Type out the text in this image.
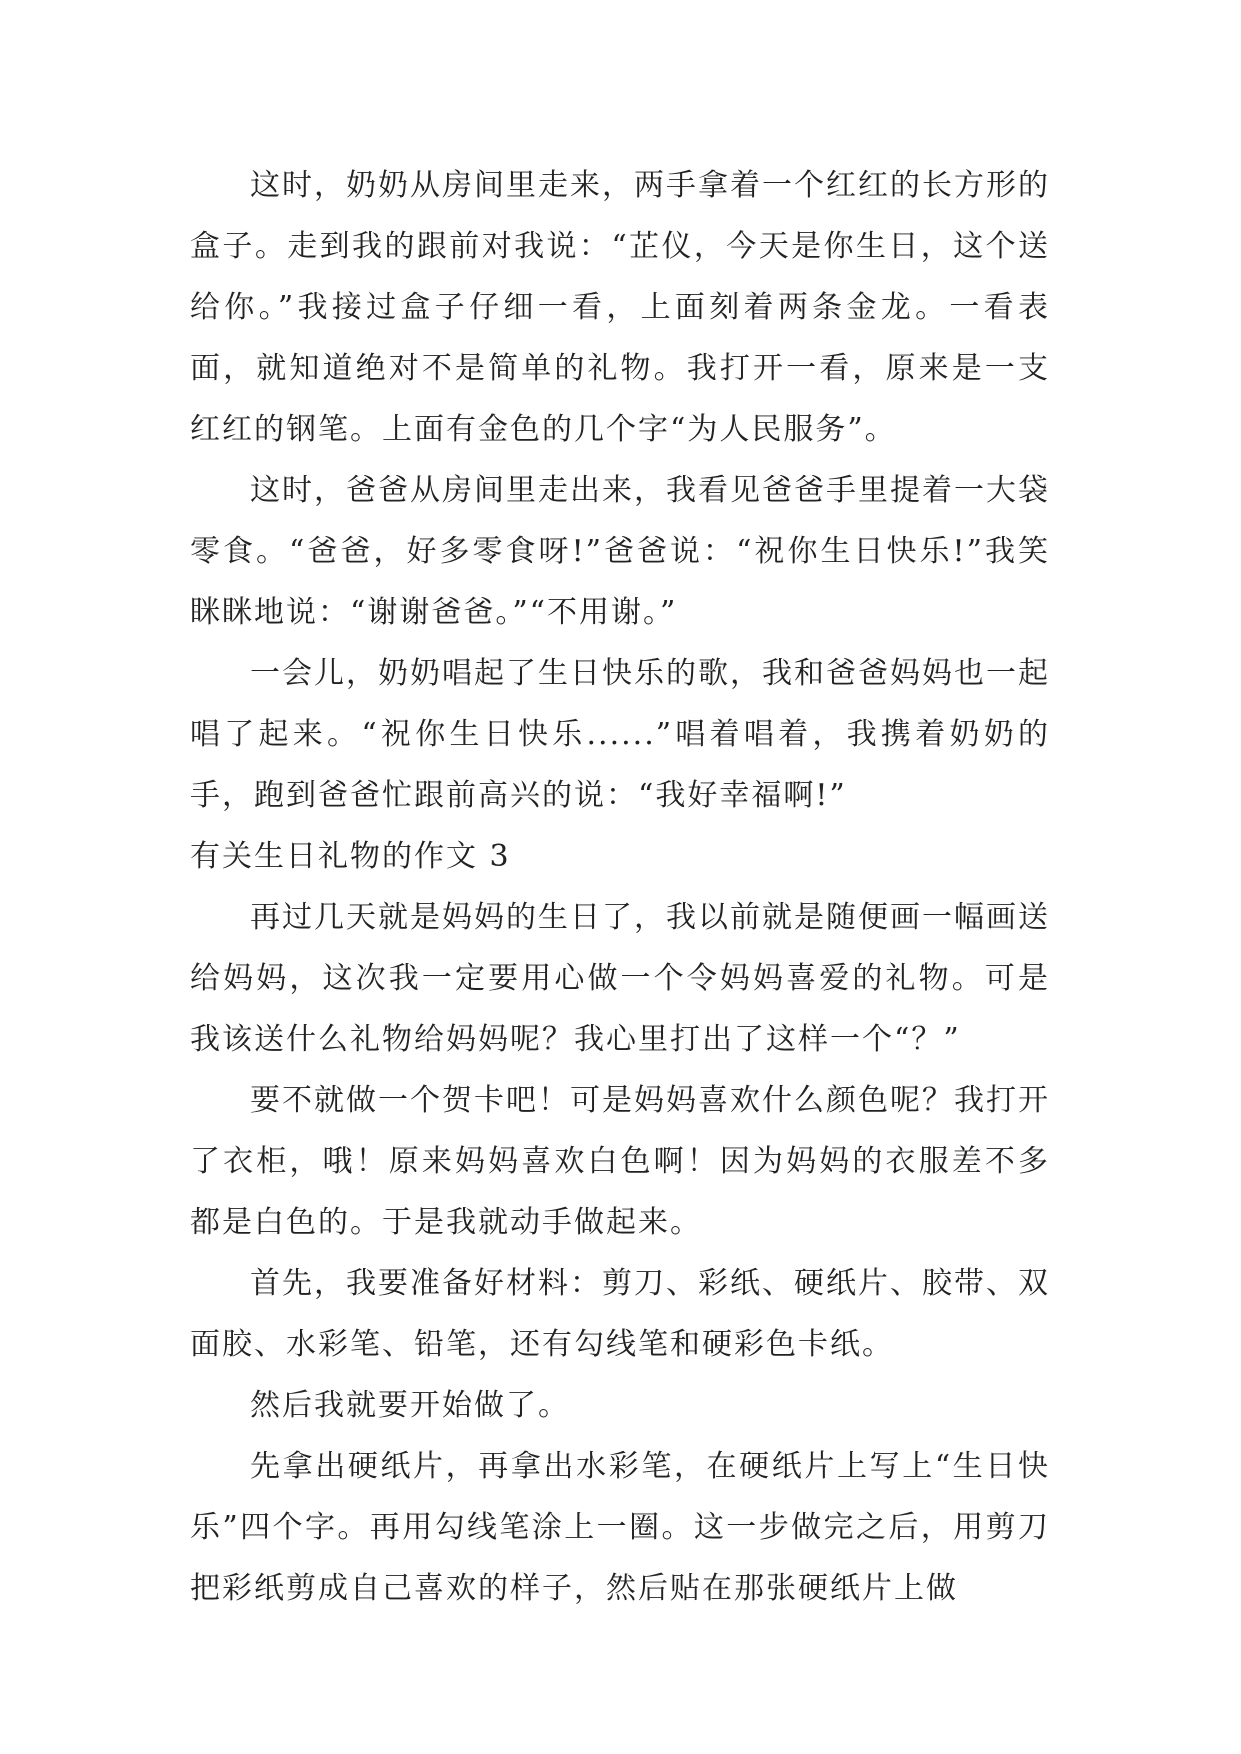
这时，奶奶从房间里走来，两手拿着一个红红的长方形的盒子。走到我的跟前对我说：“芷仪，今天是你生日，这个送给你。”我接过盒子仔细一看，上面刻着两条金龙。一看表面，就知道绝对不是简单的礼物。我打开一看，原来是一支红红的钢笔。上面有金色的几个字“为人民服务”。

这时，爸爸从房间里走出来，我看见爸爸手里提着一大袋零食。“爸爸，好多零食呀!”爸爸说：“祝你生日快乐!”我笑眯眯地说：“谢谢爸爸。”“不用谢。”

一会儿，奶奶唱起了生日快乐的歌，我和爸爸妈妈也一起唱了起来。“祝你生日快乐......”唱着唱着，我携着奶奶的手，跑到爸爸忙跟前高兴的说：“我好幸福啊!”

有关生日礼物的作文 3

再过几天就是妈妈的生日了，我以前就是随便画一幅画送给妈妈，这次我一定要用心做一个令妈妈喜爱的礼物。可是我该送什么礼物给妈妈呢？我心里打出了这样一个“？”

要不就做一个贺卡吧！可是妈妈喜欢什么颜色呢？我打开了衣柜，哦！原来妈妈喜欢白色啊！因为妈妈的衣服差不多都是白色的。于是我就动手做起来。

首先，我要准备好材料：剪刀、彩纸、硬纸片、胶带、双面胶、水彩笔、铅笔，还有勾线笔和硬彩色卡纸。

然后我就要开始做了。

先拿出硬纸片，再拿出水彩笔，在硬纸片上写上“生日快乐”四个字。再用勾线笔涂上一圈。这一步做完之后，用剪刀把彩纸剪成自己喜欢的样子，然后贴在那张硬纸片上做
